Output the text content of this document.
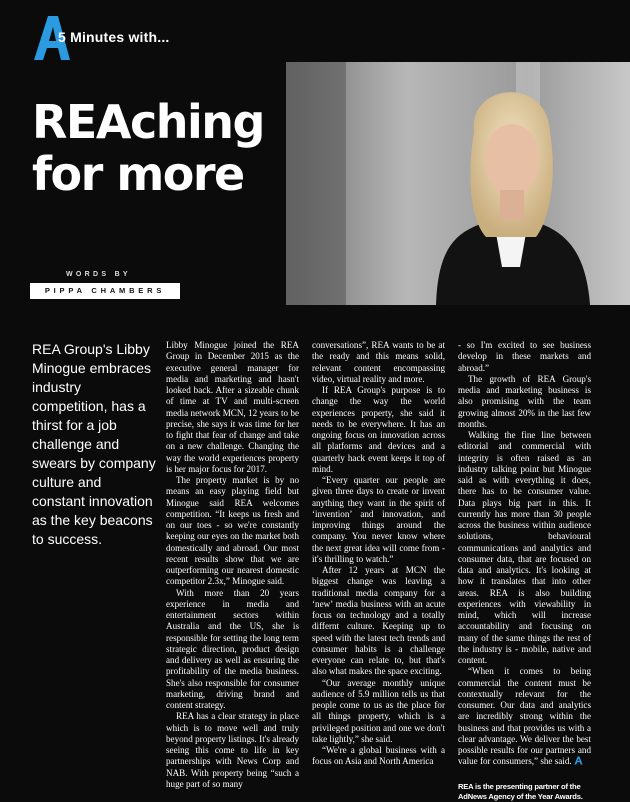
5 Minutes with...
REAching
for more
WORDS BY
PIPPA CHAMBERS

REA Group's Libby Minogue embraces industry competition, has a thirst for a job challenge and swears by company culture and constant innovation as the key beacons to success.

Libby Minogue joined the REA Group in December 2015 as the executive general manager for media and marketing and hasn't looked back. After a sizeable chunk of time at TV and multi-screen media network MCN, 12 years to be precise, she says it was time for her to fight that fear of change and take on a new challenge. Changing the way the world experiences property is her major focus for 2017.

The property market is by no means an easy playing field but Minogue said REA welcomes competition. “It keeps us fresh and on our toes - so we're constantly keeping our eyes on the market both domestically and abroad. Our most recent results show that we are outperforming our nearest domestic competitor 2.3x,” Minogue said.

With more than 20 years experience in media and entertainment sectors within Australia and the US, she is responsible for setting the long term strategic direction, product design and delivery as well as ensuring the profitability of the media business. She's also responsible for consumer marketing, driving brand and content strategy.

REA has a clear strategy in place which is to move well and truly beyond property listings. It's already seeing this come to life in key partnerships with News Corp and NAB. With property being “such a huge part of so many

conversations”, REA wants to be at the ready and this means solid, relevant content encompassing video, virtual reality and more.

If REA Group's purpose is to change the way the world experiences property, she said it needs to be everywhere. It has an ongoing focus on innovation across all platforms and devices and a quarterly hack event keeps it top of mind.

“Every quarter our people are given three days to create or invent anything they want in the spirit of ‘invention’ and innovation, and improving things around the company. You never know where the next great idea will come from - it's thrilling to watch.”

After 12 years at MCN the biggest change was leaving a traditional media company for a ‘new’ media business with an acute focus on technology and a totally differnt culture. Keeping up to speed with the latest tech trends and consumer habits is a challenge everyone can relate to, but that's also what makes the space exciting.

“Our average monthly unique audience of 5.9 million tells us that people come to us as the place for all things property, which is a privileged position and one we don't take lightly,” she said.

“We're a global business with a focus on Asia and North America

- so I'm excited to see business develop in these markets and abroad.”

The growth of REA Group's media and marketing business is also promising with the team growing almost 20% in the last few months.

Walking the fine line between editorial and commercial with integrity is often raised as an industry talking point but Minogue said as with everything it does, there has to be consumer value. Data plays big part in this. It currently has more than 30 people across the business within audience solutions, behavioural communications and analytics and consumer data, that are focused on data and analytics. It's looking at how it translates that into other areas. REA is also building experiences with viewability in mind, which will increase accountability and focusing on many of the same things the rest of the industry is - mobile, native and content.

“When it comes to being commercial the content must be contextually relevant for the consumer. Our data and analytics are incredibly strong within the business and that provides us with a clear advantage. We deliver the best possible results for our partners and value for consumers,” she said.

REA is the presenting partner of the AdNews Agency of the Year Awards.
